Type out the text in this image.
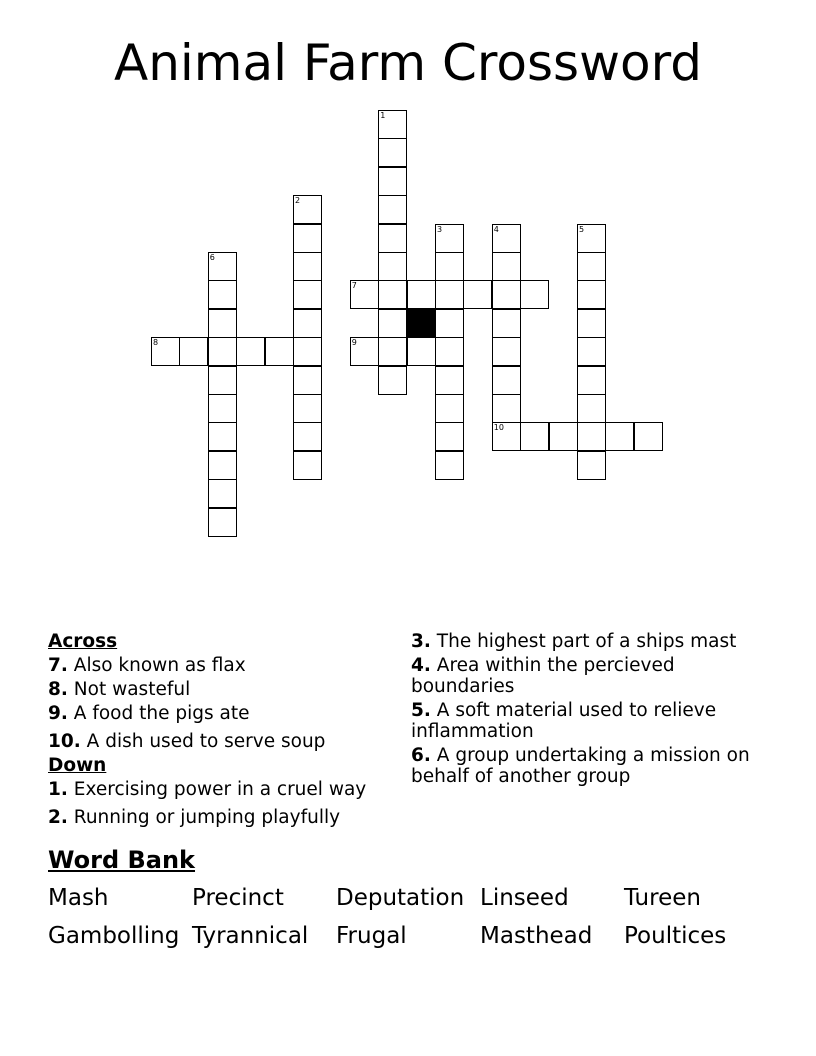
Animal Farm Crossword
1
2
3	4
10
5
6
7
8	9
Across
7. Also known as flax
8. Not wasteful
9. A food the pigs ate
10. A dish used to serve soup
Down
1. Exercising power in a cruel way
2. Running or jumping playfully
3. The highest part of a ships mast
4. Area within the percieved boundaries
5. A soft material used to relieve inflammation
6. A group undertaking a mission on behalf of another group
Word Bank
Mash	Precinct Deputation Linseed Tureen
Gambolling Tyrannical Frugal	Masthead Poultices
